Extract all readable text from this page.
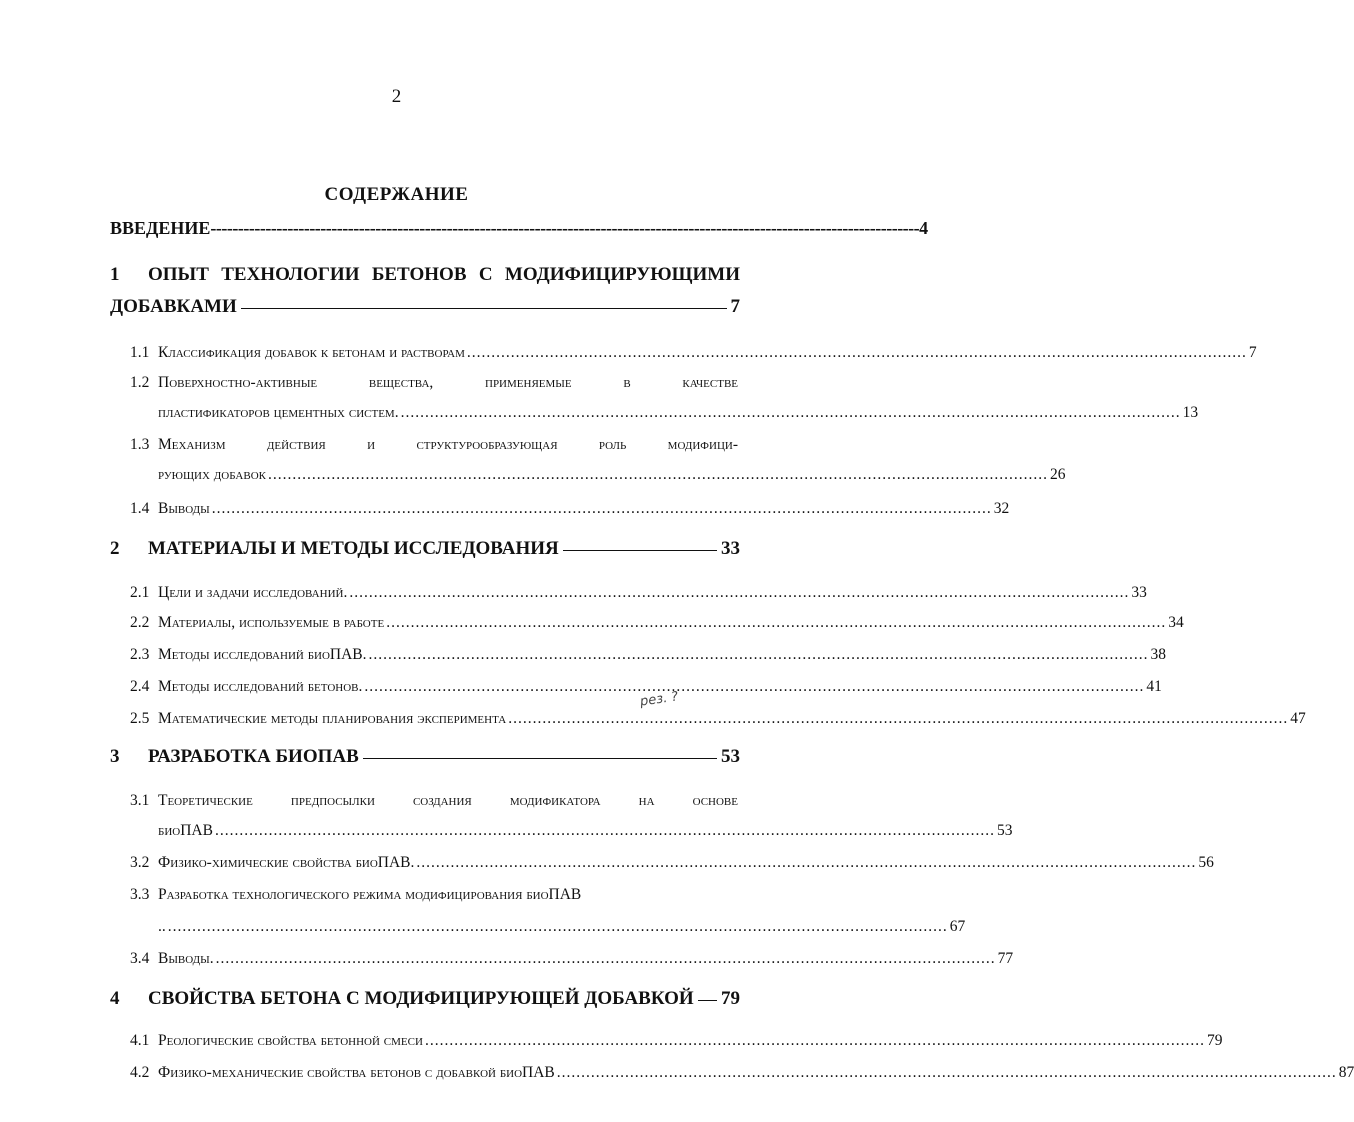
2
СОДЕРЖАНИЕ
ВВЕДЕНИЕ --------------------------------------------------------------------------------------------------------------------------------- 4
1	ОПЫТ ТЕХНОЛОГИИ БЕТОНОВ С МОДИФИЦИРУЮЩИМИ
ДОБАВКАМИ	7
1.1 Классификация добавок к бетонам и растворам ................................................................................................................................................................ 7
1.2 Поверхностно-активные вещества, применяемые в качестве
пластификаторов цементных систем. ................................................................................................................................................................ 13
1.3 Механизм действия и структурообразующая роль модифици-
рующих добавок ................................................................................................................................................................ 26
1.4 Выводы ................................................................................................................................................................ 32
2	МАТЕРИАЛЫ И МЕТОДЫ ИССЛЕДОВАНИЯ	33
2.1 Цели и задачи исследований. ................................................................................................................................................................ 33
2.2 Материалы, используемые в работе ................................................................................................................................................................ 34
2.3 Методы исследований биоПАВ. ................................................................................................................................................................ 38
2.4 Методы исследований бетонов. ................................................................................................................................................................ 41
2.5 Математические методы планирования эксперимента ................................................................................................................................................................ 47
рез. ?
3	РАЗРАБОТКА БИОПАВ	53
3.1 Теоретические предпосылки создания модификатора на основе
биоПАВ ................................................................................................................................................................ 53
3.2 Физико-химические свойства биоПАВ. ................................................................................................................................................................ 56
3.3 Разработка технологического режима модифицирования биоПАВ
.. ................................................................................................................................................................ 67
3.4 Выводы. ................................................................................................................................................................ 77
4	СВОЙСТВА БЕТОНА С МОДИФИЦИРУЮЩЕЙ ДОБАВКОЙ 79
4.1 Реологические свойства бетонной смеси ................................................................................................................................................................ 79
4.2 Физико-механические свойства бетонов с добавкой биоПАВ ................................................................................................................................................................ 87
